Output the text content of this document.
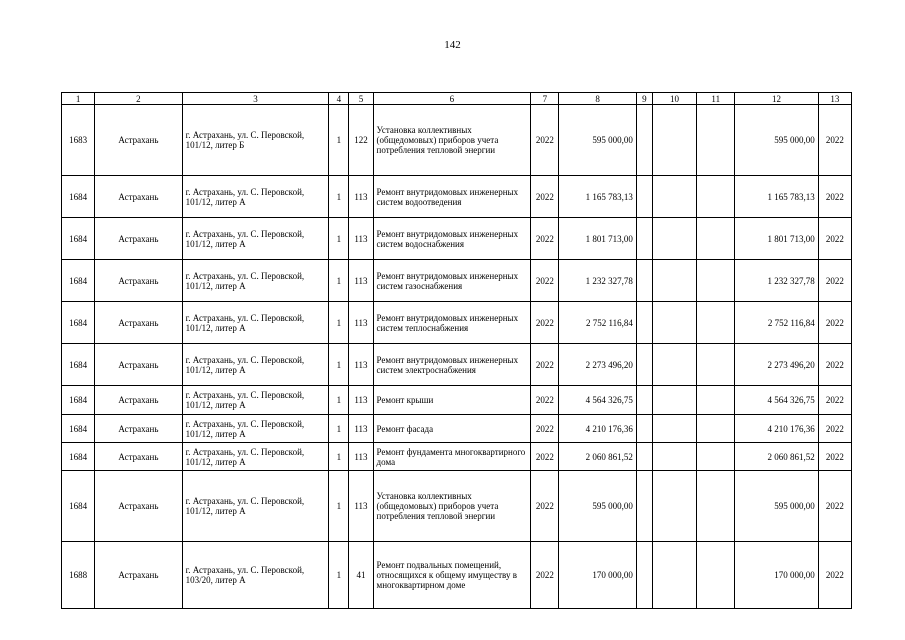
142
1	2	3	4	5	6	7	8	9	10	11	12	13
1683	Астрахань	г. Астрахань, ул. С. Перовской, 101/12, литер Б	1	122	Установка коллективных (общедомовых) приборов учета потребления тепловой энергии	2022	595 000,00				595 000,00	2022
1684	Астрахань	г. Астрахань, ул. С. Перовской, 101/12, литер А	1	113	Ремонт внутридомовых инженерных систем водоотведения	2022	1 165 783,13				1 165 783,13	2022
1684	Астрахань	г. Астрахань, ул. С. Перовской, 101/12, литер А	1	113	Ремонт внутридомовых инженерных систем водоснабжения	2022	1 801 713,00				1 801 713,00	2022
1684	Астрахань	г. Астрахань, ул. С. Перовской, 101/12, литер А	1	113	Ремонт внутридомовых инженерных систем газоснабжения	2022	1 232 327,78				1 232 327,78	2022
1684	Астрахань	г. Астрахань, ул. С. Перовской, 101/12, литер А	1	113	Ремонт внутридомовых инженерных систем теплоснабжения	2022	2 752 116,84				2 752 116,84	2022
1684	Астрахань	г. Астрахань, ул. С. Перовской, 101/12, литер А	1	113	Ремонт внутридомовых инженерных систем электроснабжения	2022	2 273 496,20				2 273 496,20	2022
1684	Астрахань	г. Астрахань, ул. С. Перовской, 101/12, литер А	1	113	Ремонт крыши	2022	4 564 326,75				4 564 326,75	2022
1684	Астрахань	г. Астрахань, ул. С. Перовской, 101/12, литер А	1	113	Ремонт фасада	2022	4 210 176,36				4 210 176,36	2022
1684	Астрахань	г. Астрахань, ул. С. Перовской, 101/12, литер А	1	113	Ремонт фундамента многоквартирного дома	2022	2 060 861,52				2 060 861,52	2022
1684	Астрахань	г. Астрахань, ул. С. Перовской, 101/12, литер А	1	113	Установка коллективных (общедомовых) приборов учета потребления тепловой энергии	2022	595 000,00				595 000,00	2022
1688	Астрахань	г. Астрахань, ул. С. Перовской, 103/20, литер А	1	41	Ремонт подвальных помещений, относящихся к общему имуществу в многоквартирном доме	2022	170 000,00				170 000,00	2022
